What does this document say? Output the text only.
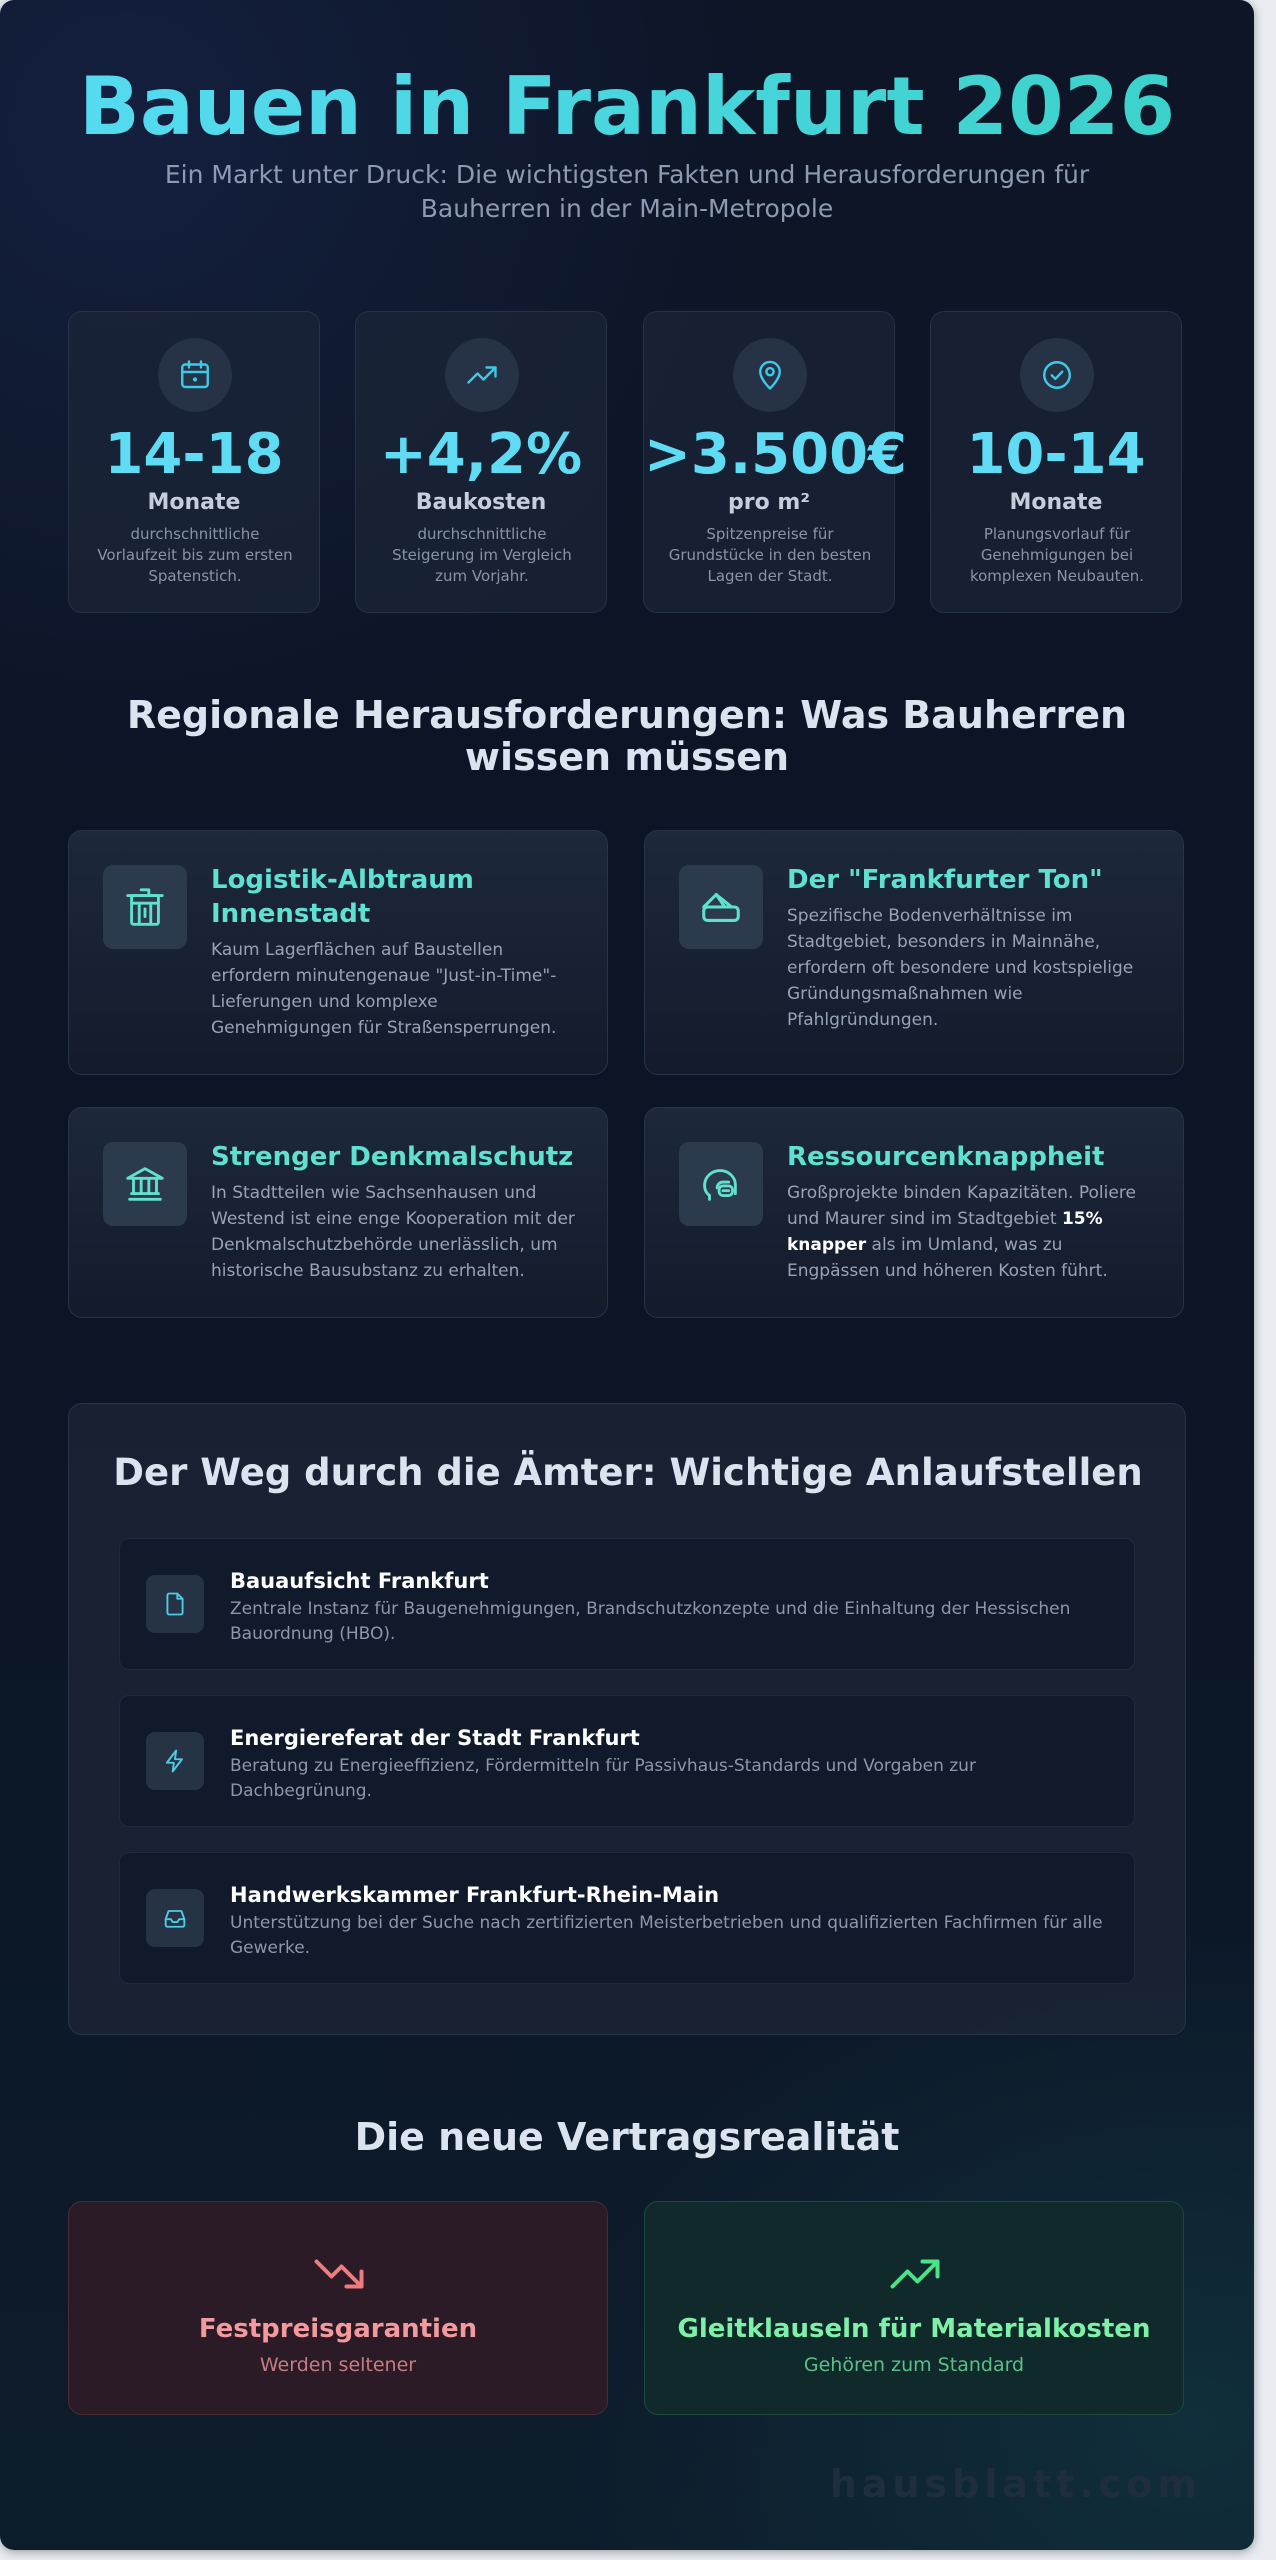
Bauen in Frankfurt 2026

Ein Markt unter Druck: Die wichtigsten Fakten und Herausforderungen für Bauherren in der Main-Metropole

14-18
Monate
durchschnittliche Vorlaufzeit bis zum ersten Spatenstich.
+4,2%
Baukosten
durchschnittliche Steigerung im Vergleich zum Vorjahr.
>3.500€
pro m²
Spitzenpreise für Grundstücke in den besten Lagen der Stadt.
10-14
Monate
Planungsvorlauf für Genehmigungen bei komplexen Neubauten.
Regionale Herausforderungen: Was Bauherren wissen müssen
Logistik-Albtraum Innenstadt
Kaum Lagerflächen auf Baustellen erfordern minutengenaue "Just-in-Time"-Lieferungen und komplexe Genehmigungen für Straßensperrungen.
Der "Frankfurter Ton"
Spezifische Bodenverhältnisse im Stadtgebiet, besonders in Mainnähe, erfordern oft besondere und kostspielige Gründungsmaßnahmen wie Pfahlgründungen.
Strenger Denkmalschutz
In Stadtteilen wie Sachsenhausen und Westend ist eine enge Kooperation mit der Denkmalschutzbehörde unerlässlich, um historische Bausubstanz zu erhalten.
Ressourcenknappheit
Großprojekte binden Kapazitäten. Poliere und Maurer sind im Stadtgebiet 15% knapper als im Umland, was zu Engpässen und höheren Kosten führt.
Der Weg durch die Ämter: Wichtige Anlaufstellen
Bauaufsicht Frankfurt
Zentrale Instanz für Baugenehmigungen, Brandschutzkonzepte und die Einhaltung der Hessischen Bauordnung (HBO).
Energiereferat der Stadt Frankfurt
Beratung zu Energieeffizienz, Fördermitteln für Passivhaus-Standards und Vorgaben zur Dachbegrünung.
Handwerkskammer Frankfurt-Rhein-Main
Unterstützung bei der Suche nach zertifizierten Meisterbetrieben und qualifizierten Fachfirmen für alle Gewerke.
Die neue Vertragsrealität
Festpreisgarantien
Werden seltener
Gleitklauseln für Materialkosten
Gehören zum Standard
hausblatt.com
